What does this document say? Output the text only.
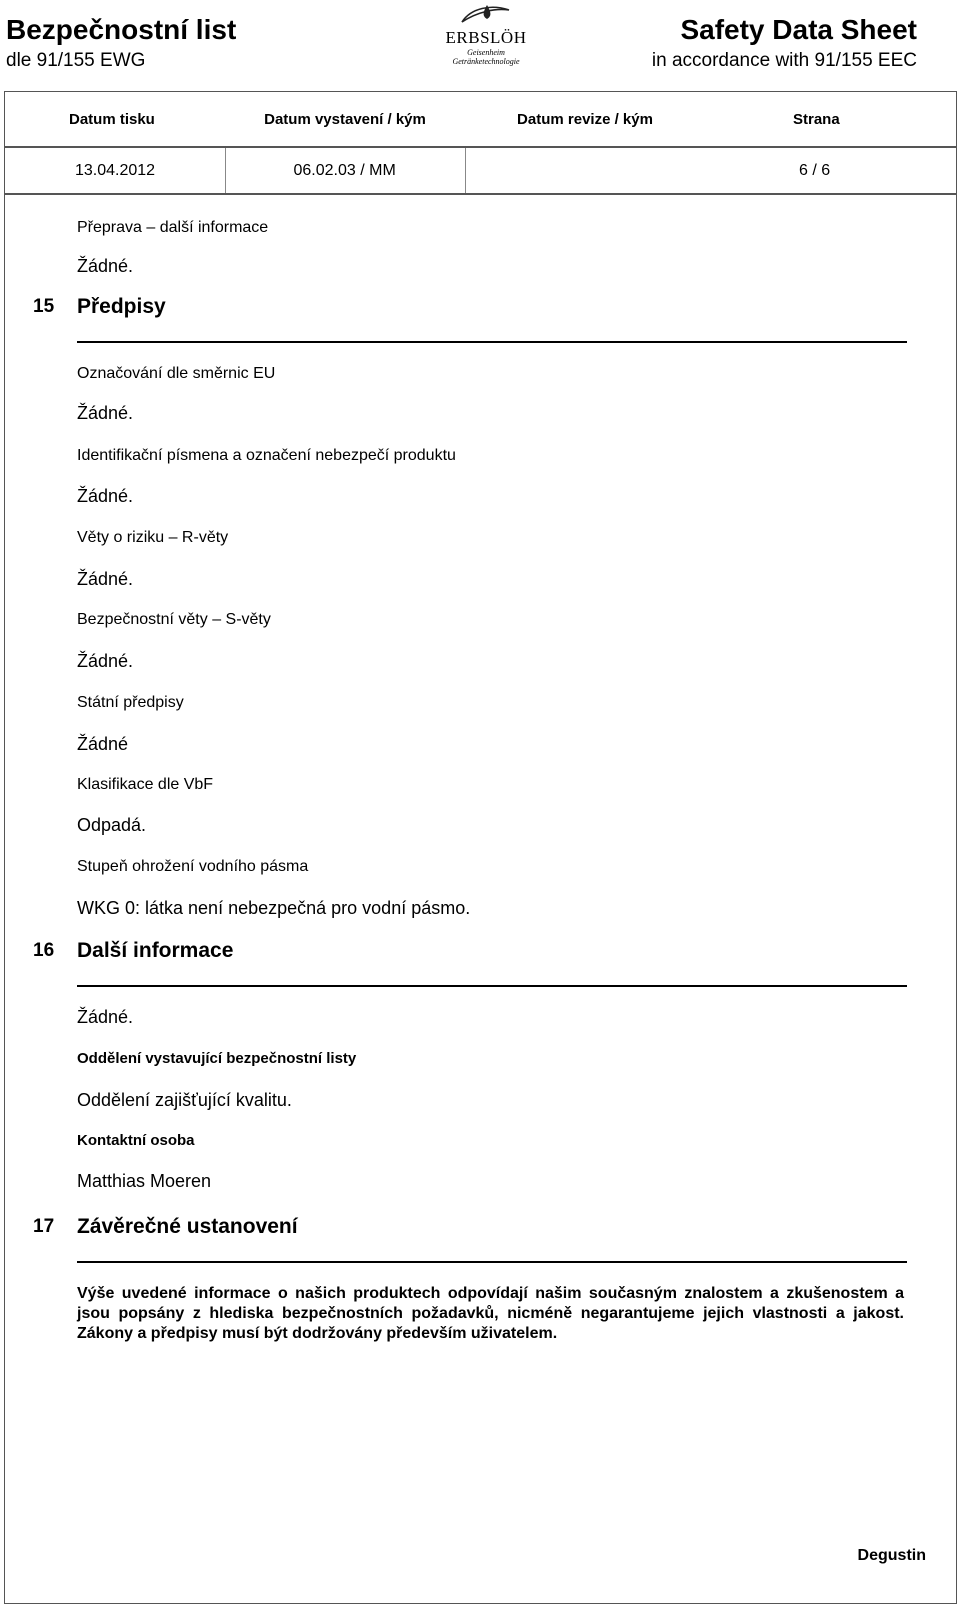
Bezpečnostní list
dle 91/155 EWG
ERBSLÖH
Geisenheim
Getränketechnologie
Safety Data Sheet
in accordance with 91/155 EEC
Datum tisku	Datum vystavení / kým	Datum revize / kým	Strana
13.04.2012	06.02.03 / MM		6 / 6
Přeprava – další informace
Žádné.
15 Předpisy
Označování dle směrnic EU
Žádné.
Identifikační písmena a označení nebezpečí produktu
Žádné.
Věty o riziku – R-věty
Žádné.
Bezpečnostní věty – S-věty
Žádné.
Státní předpisy
Žádné
Klasifikace dle VbF
Odpadá.
Stupeň ohrožení vodního pásma
WKG 0: látka není nebezpečná pro vodní pásmo.
16 Další informace
Žádné.
Oddělení vystavující bezpečnostní listy
Oddělení zajišťující kvalitu.
Kontaktní osoba
Matthias Moeren
17 Závěrečné ustanovení
Výše uvedené informace o našich produktech odpovídají našim současným znalostem a zkušenostem a jsou popsány z hlediska bezpečnostních požadavků, nicméně negarantujeme jejich vlastnosti a jakost. Zákony a předpisy musí být dodržovány především uživatelem.
Degustin
